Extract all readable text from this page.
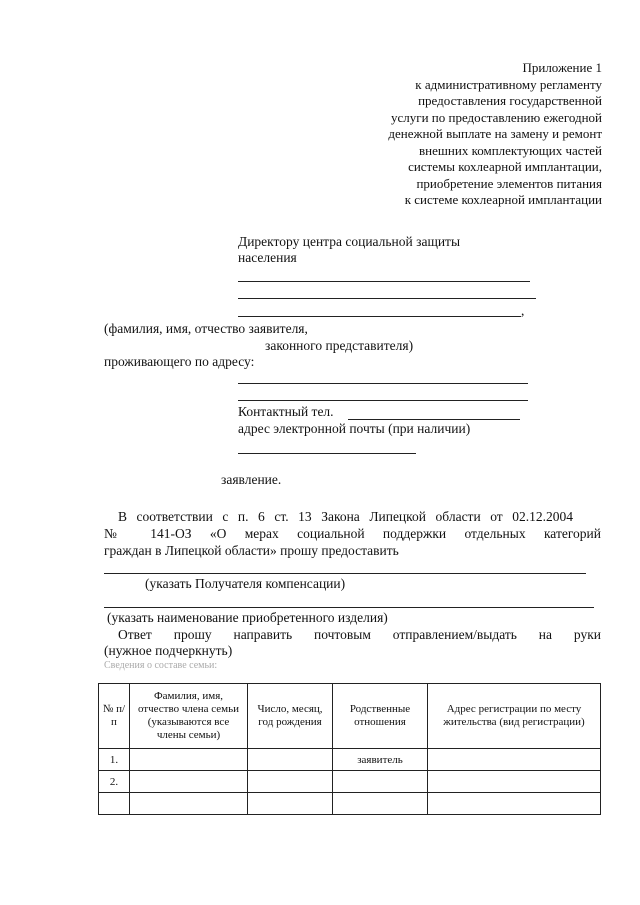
Приложение 1
к административному регламенту
предоставления государственной
услуги по предоставлению ежегодной
денежной выплате на замену и ремонт
внешних комплектующих частей
системы кохлеарной имплантации,
приобретение элементов питания
к системе кохлеарной имплантации
Директору центра социальной защиты
населения
,
(фамилия, имя, отчество заявителя,
законного представителя)
проживающего по адресу:
Контактный тел.
адрес электронной почты (при наличии)
заявление.
В соответствии с п. 6 ст. 13 Закона Липецкой области от 02.12.2004
№ 141-ОЗ «О мерах социальной поддержки отдельных категорий
граждан в Липецкой области» прошу предоставить
(указать Получателя компенсации)
(указать наименование приобретенного изделия)
Ответ прошу направить почтовым отправлением/выдать на руки
(нужное подчеркнуть)
Сведения о составе семьи:
№ п/п	Фамилия, имя, отчество члена семьи (указываются все члены семьи)	Число, месяц, год рождения	Родственные отношения	Адрес регистрации по месту жительства (вид регистрации)
1.			заявитель	
2.				
